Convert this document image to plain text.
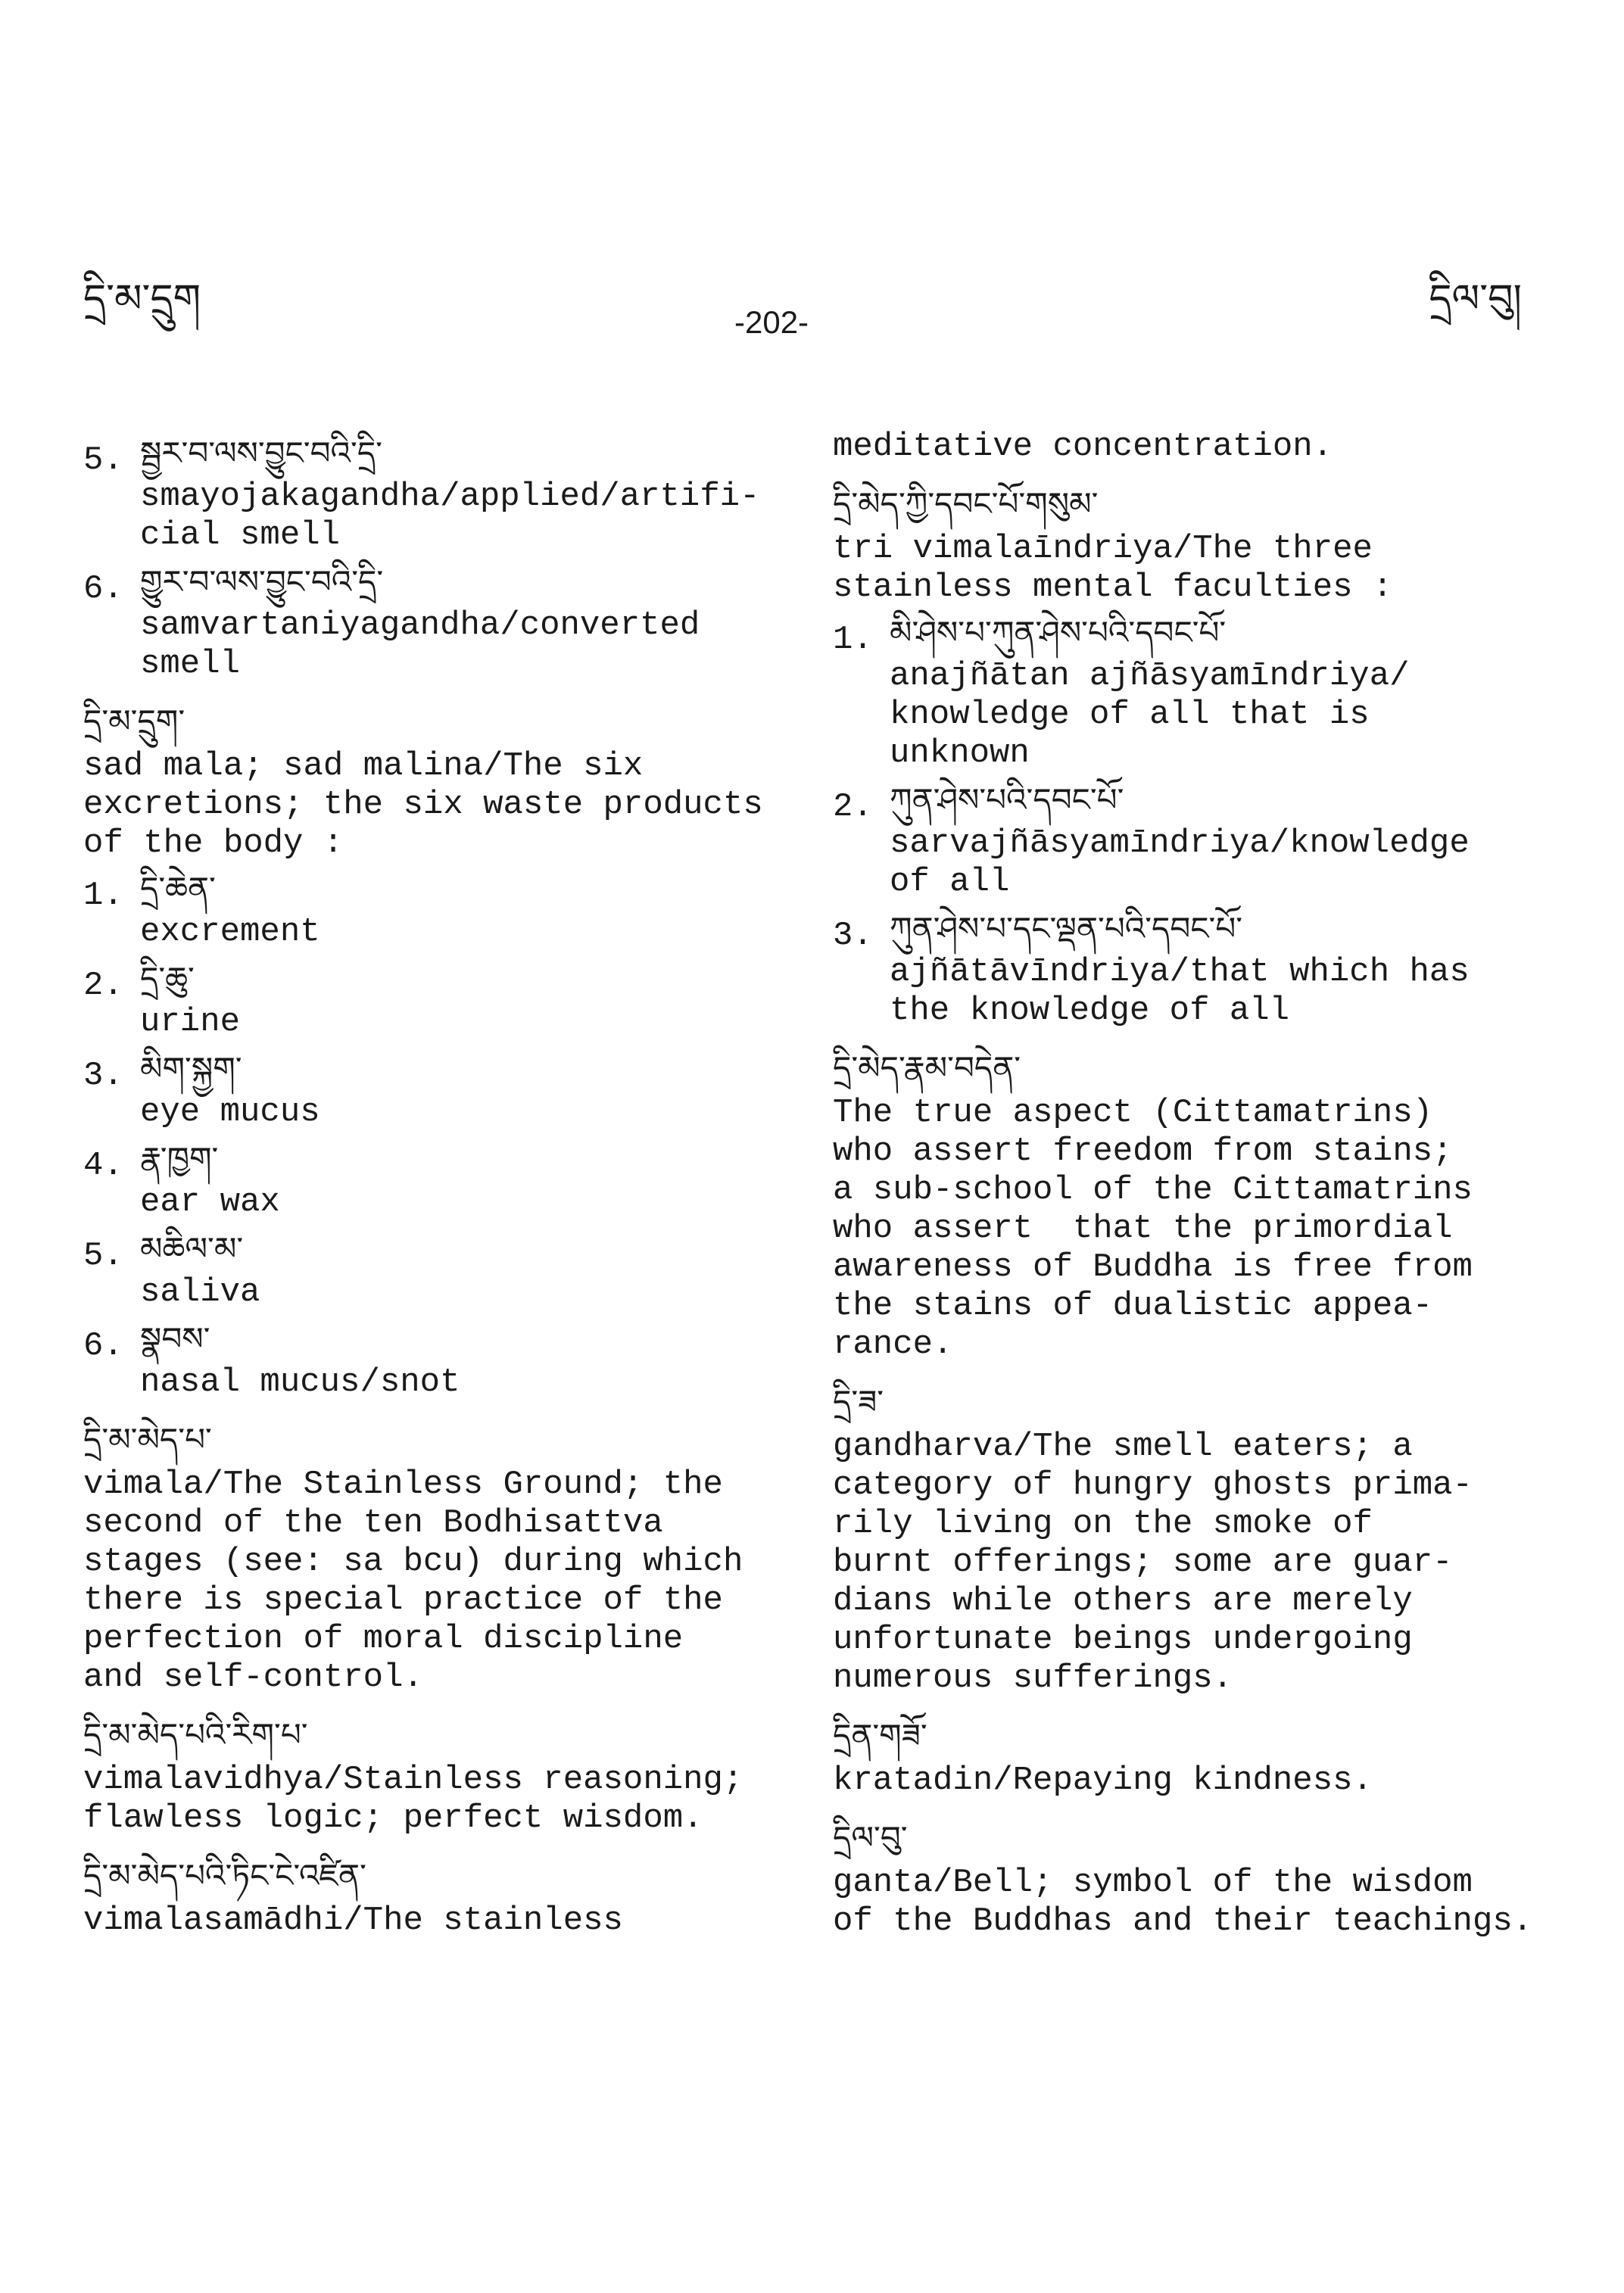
དྲི་མ་དྲུག
-202-
དྲིལ་བུ།
5. སྦྱར་བ་ལས་བྱུང་བའི་དྲི་
smayojakagandha/applied/artifi-
cial smell
6. གྱུར་བ་ལས་བྱུང་བའི་དྲི་
samvartaniyagandha/converted
smell
དྲི་མ་དྲུག་
sad mala; sad malina/The six
excretions; the six waste products
of the body :
1. དྲི་ཆེན་
excrement
2. དྲི་ཆུ་
urine
3. མིག་སྐྱག་
eye mucus
4. རྣ་ཁྱག་
ear wax
5. མཆིལ་མ་
saliva
6. སྣབས་
nasal mucus/snot
དྲི་མ་མེད་པ་
vimala/The Stainless Ground; the
second of the ten Bodhisattva
stages (see: sa bcu) during which
there is special practice of the
perfection of moral discipline
and self-control.
དྲི་མ་མེད་པའི་རིག་པ་
vimalavidhya/Stainless reasoning;
flawless logic; perfect wisdom.
དྲི་མ་མེད་པའི་ཏིང་ངེ་འཛིན་
vimalasamādhi/The stainless
meditative concentration.
དྲི་མེད་ཀྱི་དབང་པོ་གསུམ་
tri vimalaīndriya/The three
stainless mental faculties :
1. མི་ཤེས་པ་ཀུན་ཤེས་པའི་དབང་པོ་
anajñātan ajñāsyamīndriya/
knowledge of all that is
unknown
2. ཀུན་ཤེས་པའི་དབང་པོ་
sarvajñāsyamīndriya/knowledge
of all
3. ཀུན་ཤེས་པ་དང་ལྡན་པའི་དབང་པོ་
ajñātāvīndriya/that which has
the knowledge of all
དྲི་མེད་རྣམ་བདེན་
The true aspect (Cittamatrins)
who assert freedom from stains;
a sub-school of the Cittamatrins
who assert  that the primordial
awareness of Buddha is free from
the stains of dualistic appea-
rance.
དྲི་ཟ་
gandharva/The smell eaters; a
category of hungry ghosts prima-
rily living on the smoke of
burnt offerings; some are guar-
dians while others are merely
unfortunate beings undergoing
numerous sufferings.
དྲིན་གཟོ་
kratadin/Repaying kindness.
དྲིལ་བུ་
ganta/Bell; symbol of the wisdom
of the Buddhas and their teachings.
